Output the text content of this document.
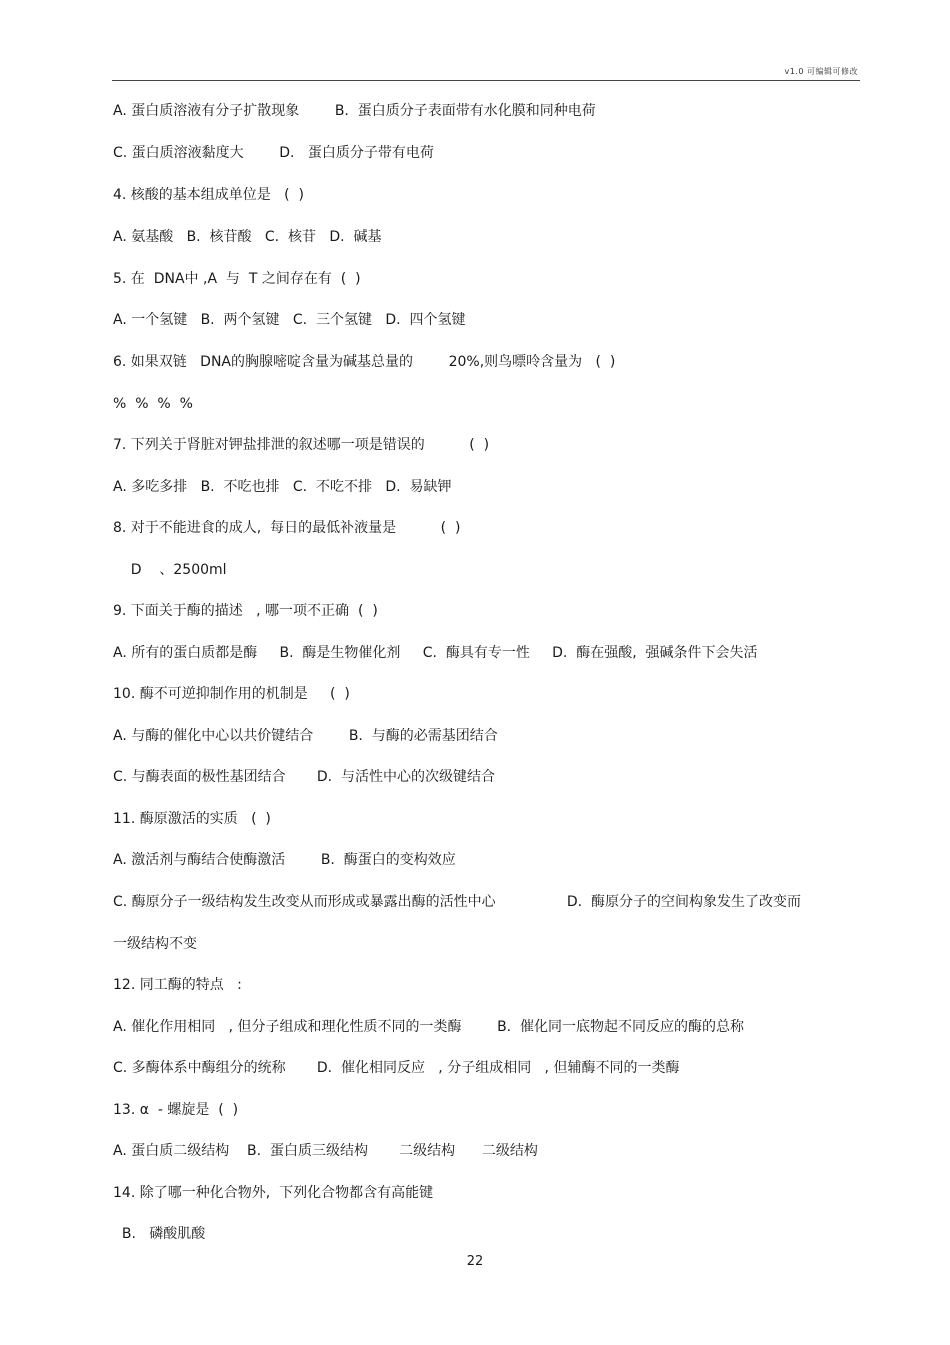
v1.0 可编辑可修改
A. 蛋白质溶液有分子扩散现象        B.  蛋白质分子表面带有水化膜和同种电荷
C. 蛋白质溶液黏度大        D.   蛋白质分子带有电荷
4. 核酸的基本组成单位是   (  )
A. 氨基酸   B.  核苷酸   C.  核苷   D.  碱基
5. 在  DNA中 ,A  与  T 之间存在有  (  )
A. 一个氢键   B.  两个氢键   C.  三个氢键   D.  四个氢键
6. 如果双链   DNA的胸腺嘧啶含量为碱基总量的        20%,则鸟嘌呤含量为   (  )
%  %  %  %
7. 下列关于肾脏对钾盐排泄的叙述哪一项是错误的          (  )
A. 多吃多排   B.  不吃也排   C.  不吃不排   D.  易缺钾
8. 对于不能进食的成人,  每日的最低补液量是          (  )
D    、2500ml
9. 下面关于酶的描述   , 哪一项不正确  (  )
A. 所有的蛋白质都是酶     B.  酶是生物催化剂     C.  酶具有专一性     D.  酶在强酸,  强碱条件下会失活
10. 酶不可逆抑制作用的机制是     (  )
A. 与酶的催化中心以共价键结合        B.  与酶的必需基团结合
C. 与酶表面的极性基团结合       D.  与活性中心的次级键结合
11. 酶原激活的实质   (  )
A. 激活剂与酶结合使酶激活        B.  酶蛋白的变构效应
C. 酶原分子一级结构发生改变从而形成或暴露出酶的活性中心                D.  酶原分子的空间构象发生了改变而
一级结构不变
12. 同工酶的特点   :
A. 催化作用相同   , 但分子组成和理化性质不同的一类酶        B.  催化同一底物起不同反应的酶的总称
C. 多酶体系中酶组分的统称       D.  催化相同反应   , 分子组成相同   , 但辅酶不同的一类酶
13. α  - 螺旋是  (  )
A. 蛋白质二级结构    B.  蛋白质三级结构       二级结构      二级结构
14. 除了哪一种化合物外,  下列化合物都含有高能键
B.   磷酸肌酸
22
